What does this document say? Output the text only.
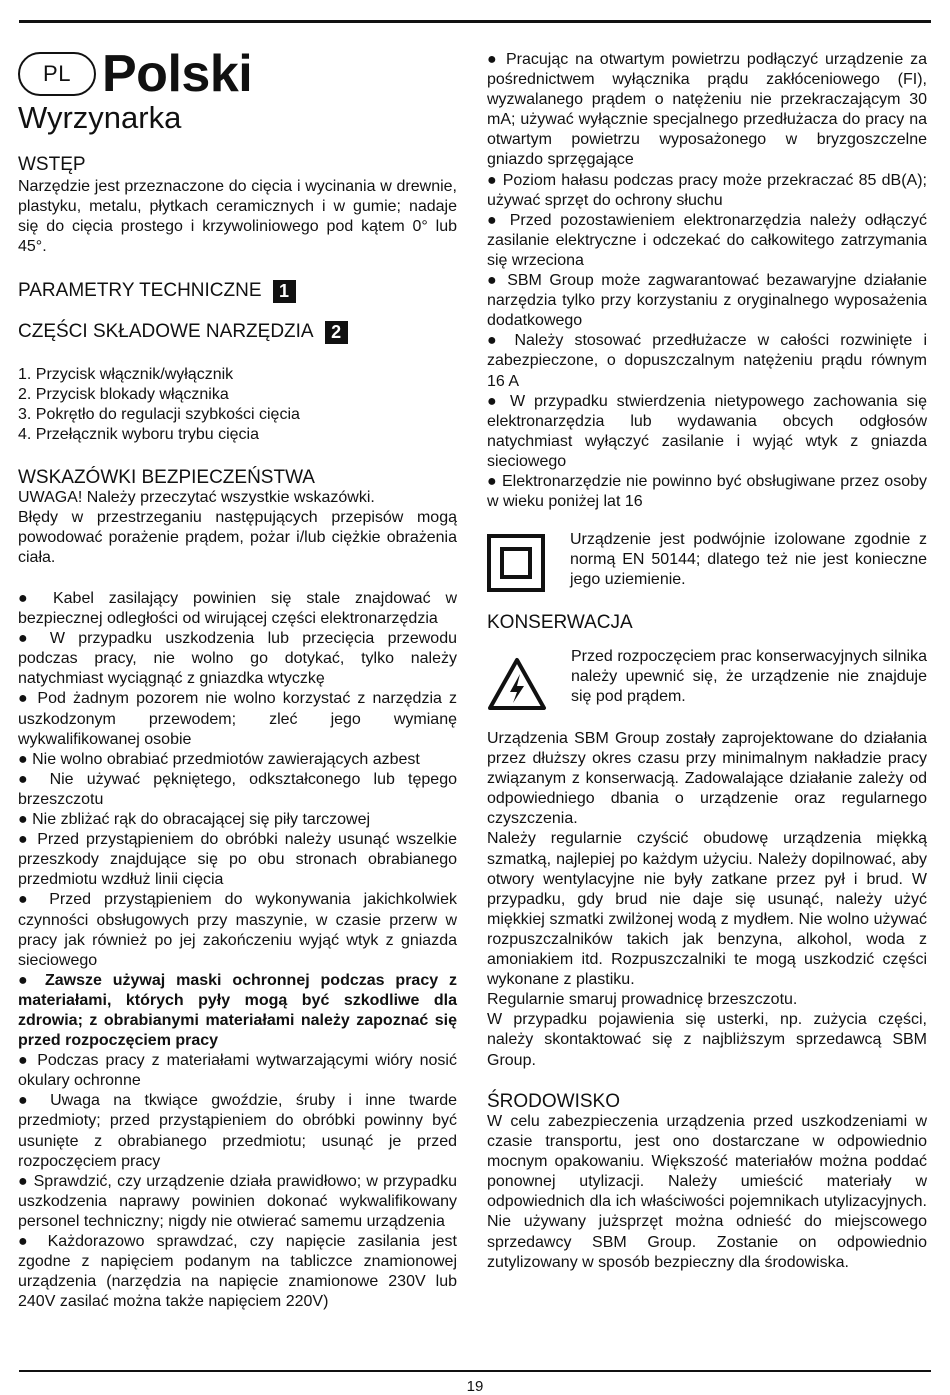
PL Polski
Wyrzynarka
WSTĘP

Narzędzie jest przeznaczone do cięcia i wycinania w drewnie, plastyku, metalu, płytkach ceramicznych i w gumie; nadaje się do cięcia prostego i krzywoliniowego pod kątem 0° lub 45°.

PARAMETRY TECHNICZNE 1
CZĘŚCI SKŁADOWE NARZĘDZIA 2

1. Przycisk włącznik/wyłącznik

2. Przycisk blokady włącznika

3. Pokrętło do regulacji szybkości cięcia

4. Przełącznik wyboru trybu cięcia

WSKAZÓWKI BEZPIECZEŃSTWA

UWAGA! Należy przeczytać wszystkie wskazówki.

Błędy w przestrzeganiu następujących przepisów mogą powodować porażenie prądem, pożar i/lub ciężkie obrażenia ciała.

● Kabel zasilający powinien się stale znajdować w bezpiecznej odległości od wirującej części elektronarzędzia

● W przypadku uszkodzenia lub przecięcia przewodu podczas pracy, nie wolno go dotykać, tylko należy natychmiast wyciągnąć z gniazdka wtyczkę

● Pod żadnym pozorem nie wolno korzystać z narzędzia z uszkodzonym przewodem; zleć jego wymianę wykwalifikowanej osobie

● Nie wolno obrabiać przedmiotów zawierających azbest

● Nie używać pękniętego, odkształconego lub tępego brzeszczotu

● Nie zbliżać rąk do obracającej się piły tarczowej

● Przed przystąpieniem do obróbki należy usunąć wszelkie przeszkody znajdujące się po obu stronach obrabianego przedmiotu wzdłuż linii cięcia

● Przed przystąpieniem do wykonywania jakichkolwiek czynności obsługowych przy maszynie, w czasie przerw w pracy jak również po jej zakończeniu wyjąć wtyk z gniazda sieciowego

● Zawsze używaj maski ochronnej podczas pracy z materiałami, których pyły mogą być szkodliwe dla zdrowia; z obrabianymi materiałami należy zapoznać się przed rozpoczęciem pracy

● Podczas pracy z materiałami wytwarzającymi wióry nosić okulary ochronne

● Uwaga na tkwiące gwoździe, śruby i inne twarde przedmioty; przed przystąpieniem do obróbki powinny być usunięte z obrabianego przedmiotu; usunąć je przed rozpoczęciem pracy

● Sprawdzić, czy urządzenie działa prawidłowo; w przypadku uszkodzenia naprawy powinien dokonać wykwalifikowany personel techniczny; nigdy nie otwierać samemu urządzenia

● Każdorazowo sprawdzać, czy napięcie zasilania jest zgodne z napięciem podanym na tabliczce znamionowej urządzenia (narzędzia na napięcie znamionowe 230V lub 240V zasilać można także napięciem 220V)

● Pracując na otwartym powietrzu podłączyć urządzenie za pośrednictwem wyłącznika prądu zakłóceniowego (FI), wyzwalanego prądem o natężeniu nie przekraczającym 30 mA; używać wyłącznie specjalnego przedłużacza do pracy na otwartym powietrzu wyposażonego w bryzgoszczelne gniazdo sprzęgające

● Poziom hałasu podczas pracy może przekraczać 85 dB(A); używać sprzęt do ochrony słuchu

● Przed pozostawieniem elektronarzędzia należy odłączyć zasilanie elektryczne i odczekać do całkowitego zatrzymania się wrzeciona

● SBM Group może zagwarantować bezawaryjne działanie narzędzia tylko przy korzystaniu z oryginalnego wyposażenia dodatkowego

● Należy stosować przedłużacze w całości rozwinięte i zabezpieczone, o dopuszczalnym natężeniu prądu równym 16 A

● W przypadku stwierdzenia nietypowego zachowania się elektronarzędzia lub wydawania obcych odgłosów natychmiast wyłączyć zasilanie i wyjąć wtyk z gniazda sieciowego

● Elektronarzędzie nie powinno być obsługiwane przez osoby w wieku poniżej lat 16

Urządzenie jest podwójnie izolowane zgodnie z normą EN 50144; dlatego też nie jest konieczne jego uziemienie.

KONSERWACJA

Przed rozpoczęciem prac konserwacyjnych silnika należy upewnić się, że urządzenie nie znajduje się pod prądem.

Urządzenia SBM Group zostały zaprojektowane do działania przez dłuższy okres czasu przy minimalnym nakładzie pracy związanym z konserwacją. Zadowalające działanie zależy od odpowiedniego dbania o urządzenie oraz regularnego czyszczenia.

Należy regularnie czyścić obudowę urządzenia miękką szmatką, najlepiej po każdym użyciu. Należy dopilnować, aby otwory wentylacyjne nie były zatkane przez pył i brud. W przypadku, gdy brud nie daje się usunąć, należy użyć miękkiej szmatki zwilżonej wodą z mydłem. Nie wolno używać rozpuszczalników takich jak benzyna, alkohol, woda z amoniakiem itd. Rozpuszczalniki te mogą uszkodzić części wykonane z plastiku.

Regularnie smaruj prowadnicę brzeszczotu.

W przypadku pojawienia się usterki, np. zużycia części, należy skontaktować się z najbliższym sprzedawcą SBM Group.

ŚRODOWISKO

W celu zabezpieczenia urządzenia przed uszkodzeniami w czasie transportu, jest ono dostarczane w odpowiednio mocnym opakowaniu. Większość materiałów można poddać ponownej utylizacji. Należy umieścić materiały w odpowiednich dla ich właściwości pojemnikach utylizacyjnych. Nie używany jużsprzęt można odnieść do miejscowego sprzedawcy SBM Group. Zostanie on odpowiednio zutylizowany w sposób bezpieczny dla środowiska.

19
